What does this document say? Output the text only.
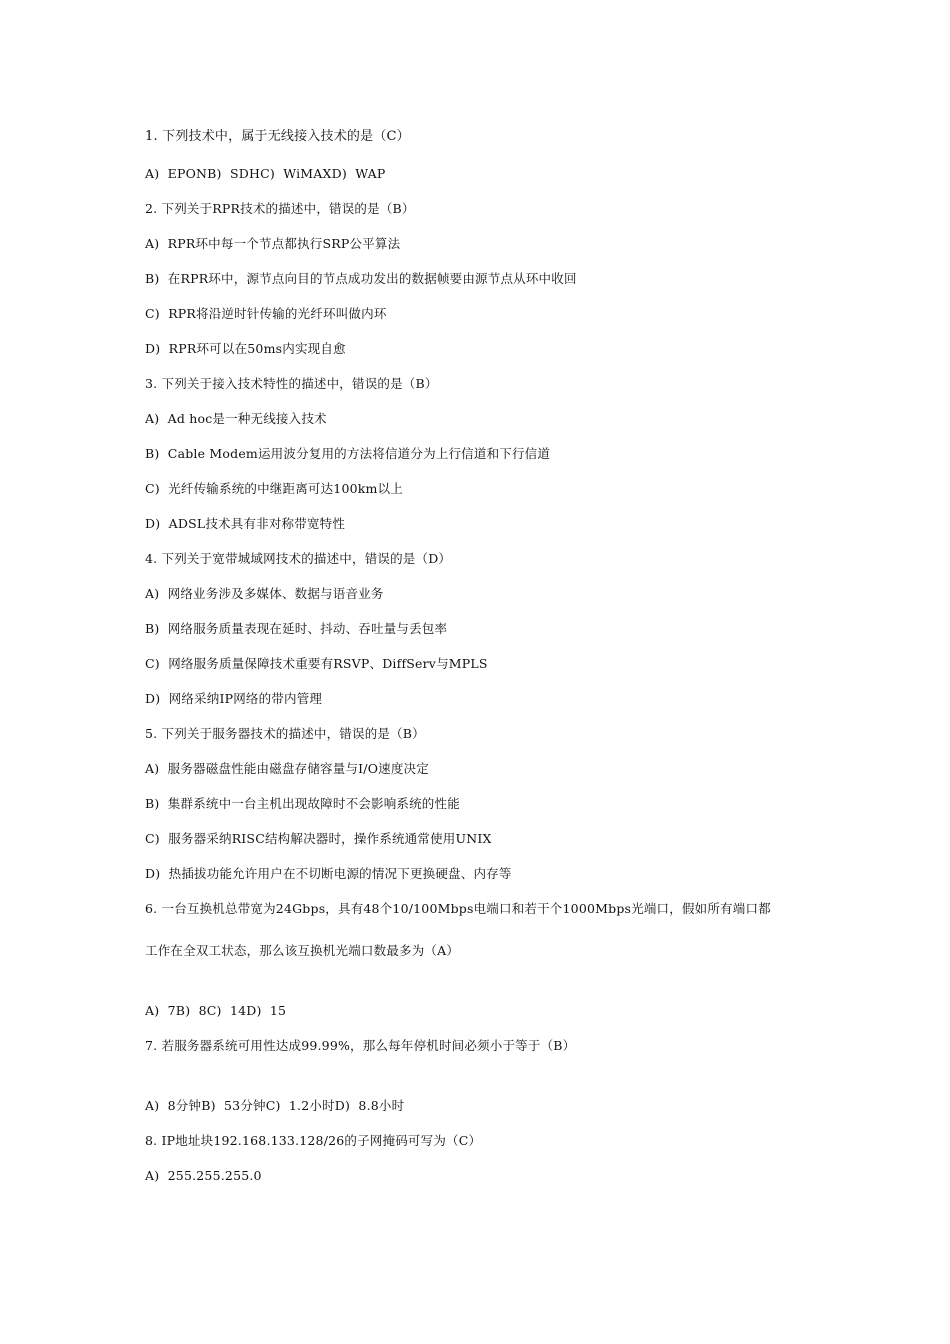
1. 下列技术中，属于无线接入技术的是（C）
A)  EPONB)  SDHC)  WiMAXD)  WAP
2. 下列关于RPR技术的描述中，错误的是（B）
A)  RPR环中每一个节点都执行SRP公平算法
B)  在RPR环中，源节点向目的节点成功发出的数据帧要由源节点从环中收回
C)  RPR将沿逆时针传输的光纤环叫做内环
D)  RPR环可以在50ms内实现自愈
3. 下列关于接入技术特性的描述中，错误的是（B）
A)  Ad hoc是一种无线接入技术
B)  Cable Modem运用波分复用的方法将信道分为上行信道和下行信道
C)  光纤传输系统的中继距离可达100km以上
D)  ADSL技术具有非对称带宽特性
4. 下列关于宽带城域网技术的描述中，错误的是（D）
A)  网络业务涉及多媒体、数据与语音业务
B)  网络服务质量表现在延时、抖动、吞吐量与丢包率
C)  网络服务质量保障技术重要有RSVP、DiffServ与MPLS
D)  网络采纳IP网络的带内管理
5. 下列关于服务器技术的描述中，错误的是（B）
A)  服务器磁盘性能由磁盘存储容量与I/O速度决定
B)  集群系统中一台主机出现故障时不会影响系统的性能
C)  服务器采纳RISC结构解决器时，操作系统通常使用UNIX
D)  热插拔功能允许用户在不切断电源的情况下更换硬盘、内存等
6. 一台互换机总带宽为24Gbps，具有48个10/100Mbps电端口和若干个1000Mbps光端口，假如所有端口都
工作在全双工状态，那么该互换机光端口数最多为（A）
A)  7B)  8C)  14D)  15
7. 若服务器系统可用性达成99.99%，那么每年停机时间必须小于等于（B）
A)  8分钟B)  53分钟C)  1.2小时D)  8.8小时
8. IP地址块192.168.133.128/26的子网掩码可写为（C）
A)  255.255.255.0
